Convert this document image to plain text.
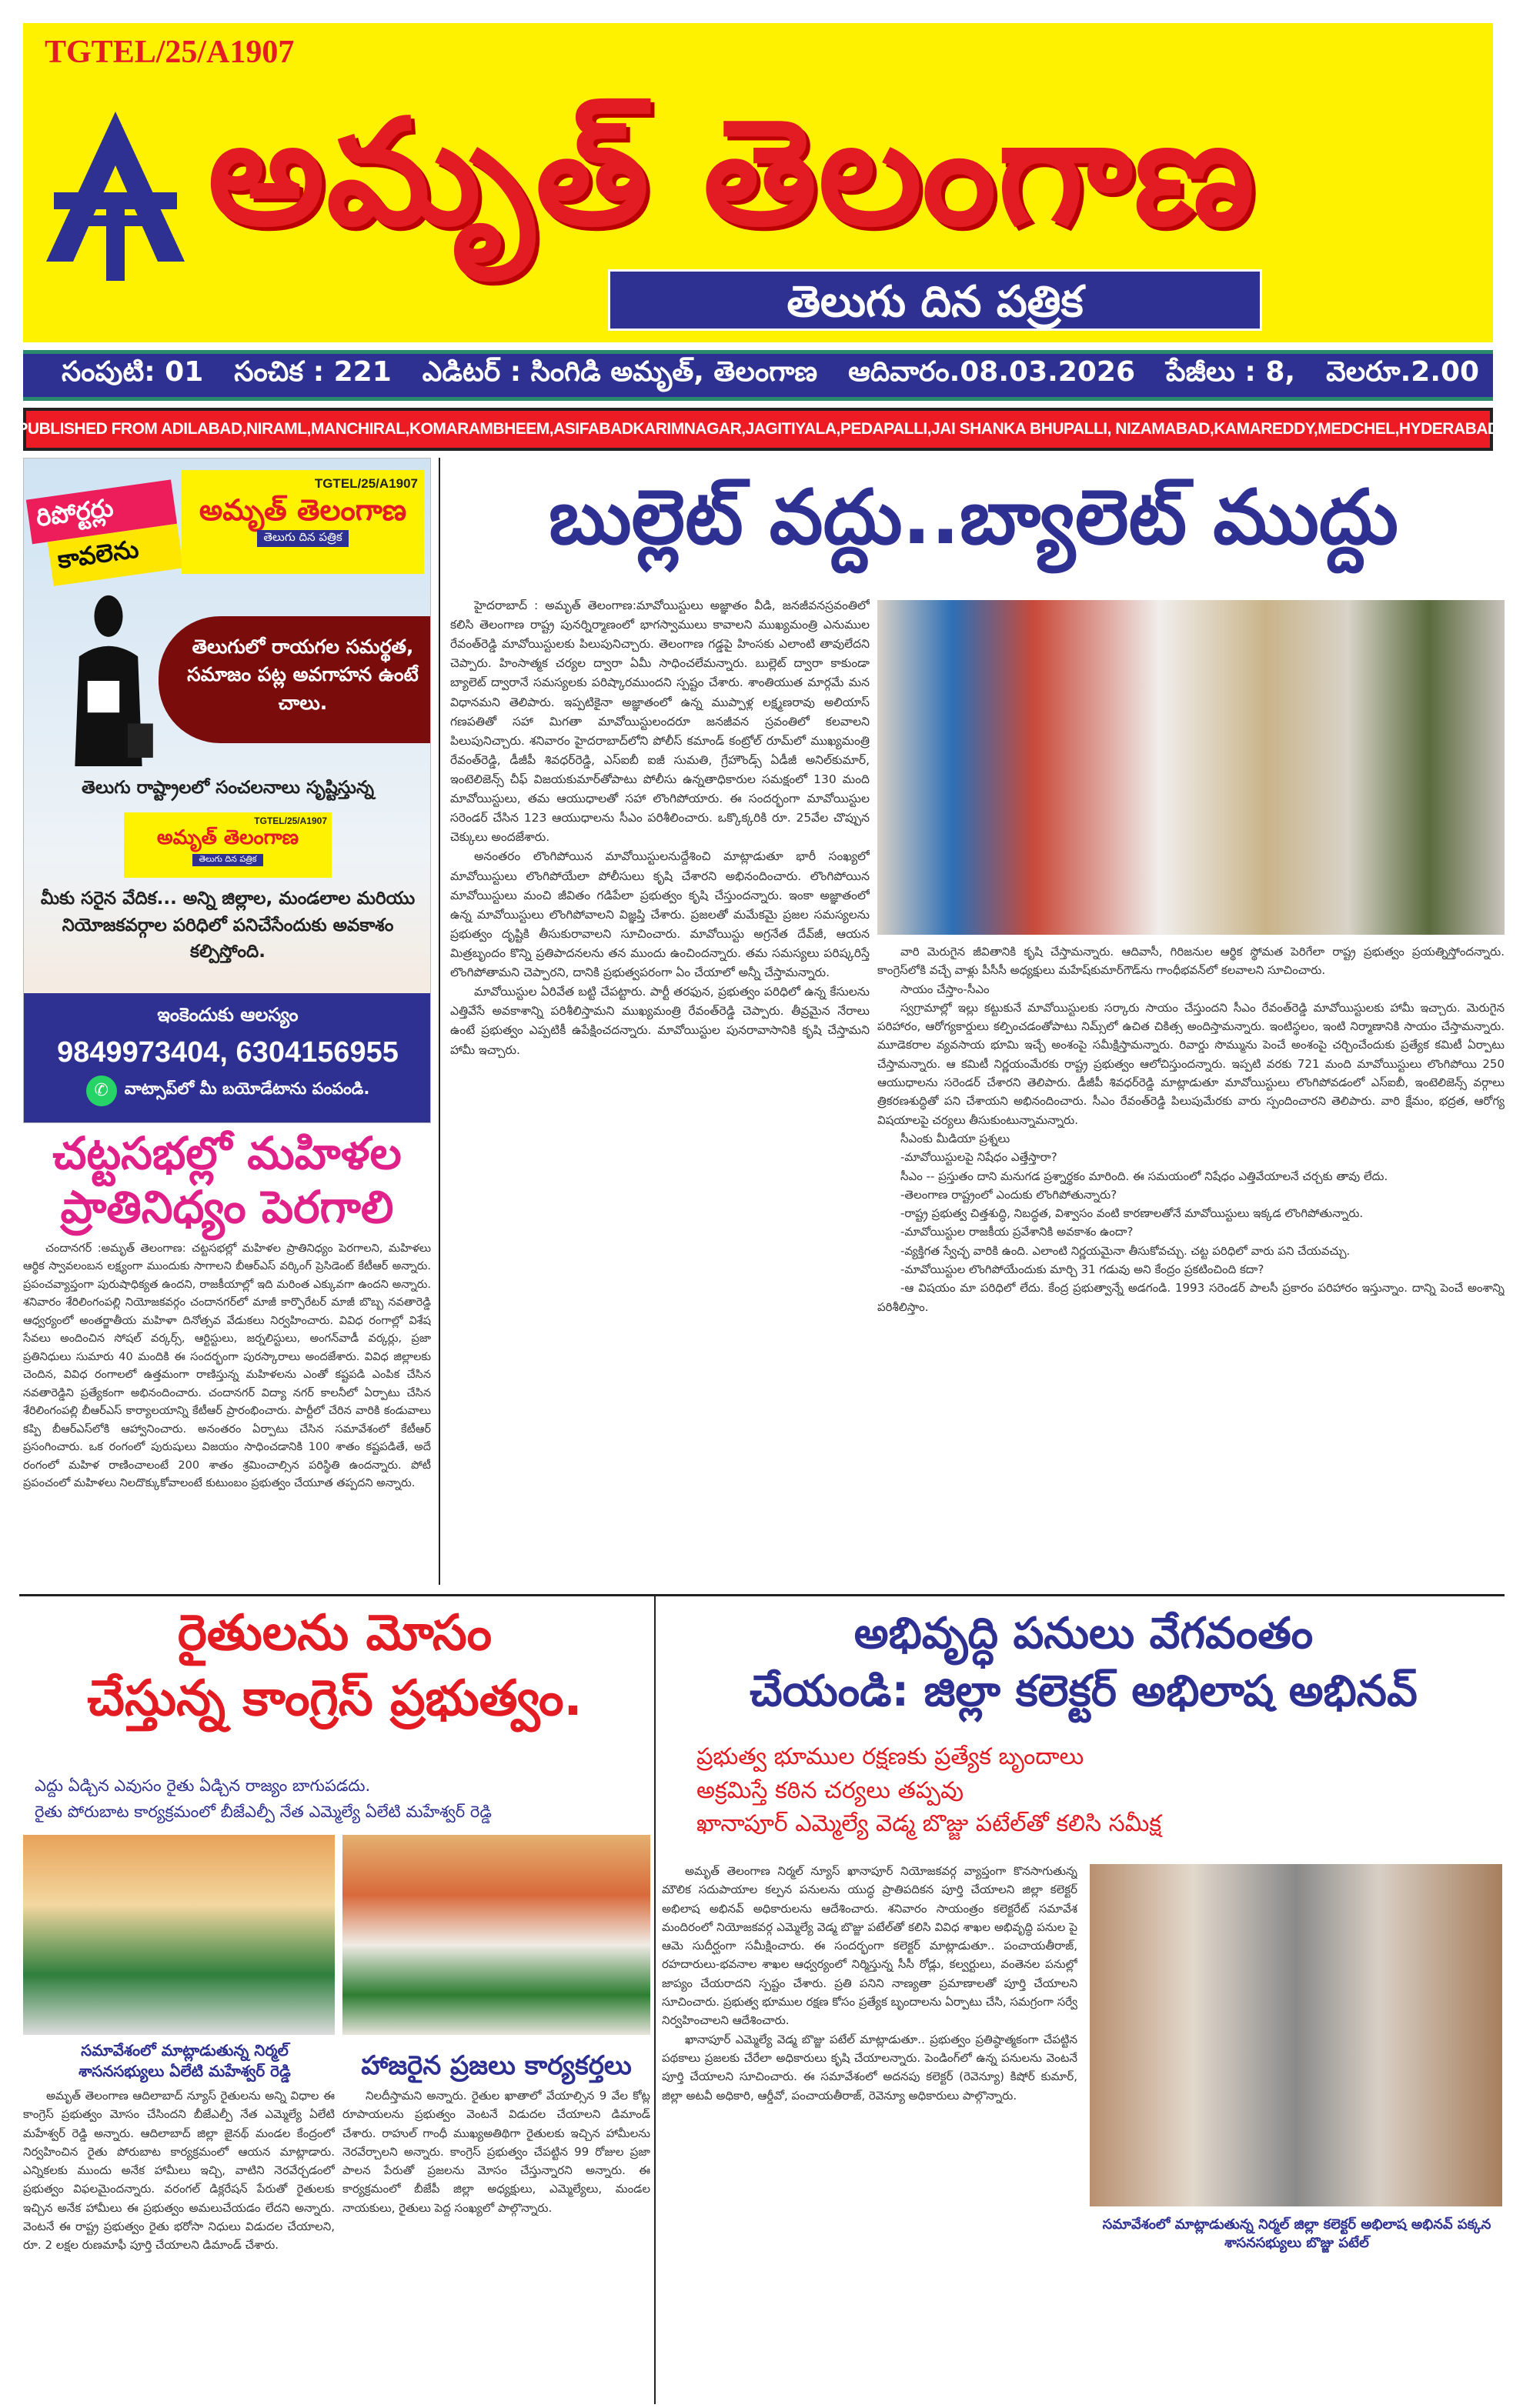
TGTEL/25/A1907
అమృత్ తెలంగాణ
తెలుగు దిన పత్రిక
సంపుటి: 01 సంచిక : 221 ఎడిటర్ : సింగిడి అమృత్, తెలంగాణ ఆదివారం.08.03.2026 పేజీలు : 8, వెలరూ.2.00
PUBLISHED FROM ADILABAD,NIRAML,MANCHIRAL,KOMARAMBHEEM,ASIFABADKARIMNAGAR,JAGITIYALA,PEDAPALLI,JAI SHANKA BHUPALLI, NIZAMABAD,KAMAREDDY,MEDCHEL,HYDERABAD
రిపోర్టర్లు
కావలెను
TGTEL/25/A1907
అమృత్ తెలంగాణ
తెలుగు దిన పత్రిక
తెలుగులో రాయగల సమర్థత, సమాజం పట్ల అవగాహన ఉంటే చాలు.
తెలుగు రాష్ట్రాలలో సంచలనాలు సృష్టిస్తున్న
TGTEL/25/A1907
అమృత్ తెలంగాణ
తెలుగు దిన పత్రిక
మీకు సరైన వేదిక... అన్ని జిల్లాల, మండలాల మరియు నియోజకవర్గాల పరిధిలో పనిచేసేందుకు అవకాశం కల్పిస్తోంది.
ఇంకెందుకు ఆలస్యం
9849973404, 6304156955
✆ వాట్సాప్‌లో మీ బయోడేటాను పంపండి.
చట్టసభల్లో మహిళల
ప్రాతినిధ్యం పెరగాలి

చందానగర్ :అమృత్ తెలంగాణ: చట్టసభల్లో మహిళల ప్రాతినిధ్యం పెరగాలని, మహిళలు ఆర్థిక స్వావలంబన లక్ష్యంగా ముందుకు సాగాలని బీఆర్ఎస్ వర్కింగ్ ప్రెసిడెంట్ కేటీఆర్ అన్నారు. ప్రపంచవ్యాప్తంగా పురుషాధిక్యత ఉందని, రాజకీయాల్లో ఇది మరింత ఎక్కువగా ఉందని అన్నారు. శనివారం శేరిలింగంపల్లి నియోజకవర్గం చందానగర్‌లో మాజీ కార్పొరేటర్ మాజీ బొబ్బ నవతారెడ్డి ఆధ్వర్యంలో అంతర్జాతీయ మహిళా దినోత్సవ వేడుకలు నిర్వహించారు. వివిధ రంగాల్లో విశేష సేవలు అందించిన సోషల్ వర్కర్స్, ఆర్టిస్టులు, జర్నలిస్టులు, అంగన్‌వాడీ వర్కర్లు, ప్రజా ప్రతినిధులు సుమారు 40 మందికి ఈ సందర్భంగా పురస్కారాలు అందజేశారు. వివిధ జిల్లాలకు చెందిన, వివిధ రంగాలలో ఉత్తమంగా రాణిస్తున్న మహిళలను ఎంతో కష్టపడి ఎంపిక చేసిన నవతారెడ్డిని ప్రత్యేకంగా అభినందించారు. చందానగర్ విద్యా నగర్ కాలనీలో ఏర్పాటు చేసిన శేరిలింగంపల్లి బీఆర్ఎస్ కార్యాలయాన్ని కేటీఆర్ ప్రారంభించారు. పార్టీలో చేరిన వారికి కండువాలు కప్పి బీఆర్ఎస్‌లోకి ఆహ్వానించారు. అనంతరం ఏర్పాటు చేసిన సమావేశంలో కేటీఆర్ ప్రసంగించారు. ఒక రంగంలో పురుషులు విజయం సాధించడానికి 100 శాతం కష్టపడితే, అదే రంగంలో మహిళ రాణించాలంటే 200 శాతం శ్రమించాల్సిన పరిస్థితి ఉందన్నారు. పోటీ ప్రపంచంలో మహిళలు నిలదొక్కుకోవాలంటే కుటుంబం ప్రభుత్వం చేయూత తప్పదని అన్నారు.

బుల్లెట్ వద్దు..బ్యాలెట్ ముద్దు

హైదరాబాద్ : అమృత్ తెలంగాణ:మావోయిస్టులు అజ్ఞాతం వీడి, జనజీవనస్రవంతిలో కలిసి తెలంగాణ రాష్ట్ర పునర్నిర్మాణంలో భాగస్వాములు కావాలని ముఖ్యమంత్రి ఎనుముల రేవంత్‌రెడ్డి మావోయిస్టులకు పిలుపునిచ్చారు. తెలంగాణ గడ్డపై హింసకు ఎలాంటి తావులేదని చెప్పారు. హింసాత్మక చర్యల ద్వారా ఏమీ సాధించలేమన్నారు. బుల్లెట్ ద్వారా కాకుండా బ్యాలెట్ ద్వారానే సమస్యలకు పరిష్కారముందని స్పష్టం చేశారు. శాంతియుత మార్గమే మన విధానమని తెలిపారు. ఇప్పటికైనా అజ్ఞాతంలో ఉన్న ముప్పాళ్ల లక్ష్మణరావు అలియాస్ గణపతితో సహా మిగతా మావోయిస్టులందరూ జనజీవన స్రవంతిలో కలవాలని పిలుపునిచ్చారు. శనివారం హైదరాబాద్‌లోని పోలీస్ కమాండ్ కంట్రోల్ రూమ్‌లో ముఖ్యమంత్రి రేవంత్‌రెడ్డి, డీజీపీ శివధర్‌రెడ్డి, ఎస్ఐబీ ఐజీ సుమతి, గ్రేహౌండ్స్ ఏడీజీ అనిల్‌కుమార్, ఇంటెలిజెన్స్ చీఫ్ విజయకుమార్‌తోపాటు పోలీసు ఉన్నతాధికారుల సమక్షంలో 130 మంది మావోయిస్టులు, తమ ఆయుధాలతో సహా లొంగిపోయారు. ఈ సందర్భంగా మావోయిస్టుల సరెండర్ చేసిన 123 ఆయుధాలను సీఎం పరిశీలించారు. ఒక్కొక్కరికి రూ. 25వేల చొప్పున చెక్కులు అందజేశారు.

అనంతరం లొంగిపోయిన మావోయిస్టులనుద్దేశించి మాట్లాడుతూ భారీ సంఖ్యలో మావోయిస్టులు లొంగిపోయేలా పోలీసులు కృషి చేశారని అభినందించారు. లొంగిపోయిన మావోయిస్టులు మంచి జీవితం గడిపేలా ప్రభుత్వం కృషి చేస్తుందన్నారు. ఇంకా అజ్ఞాతంలో ఉన్న మావోయిస్టులు లొంగిపోవాలని విజ్ఞప్తి చేశారు. ప్రజలతో మమేకమై ప్రజల సమస్యలను ప్రభుత్వం దృష్టికి తీసుకురావాలని సూచించారు. మావోయిస్టు అగ్రనేత దేవ్‌జీ, ఆయన మిత్రబృందం కొన్ని ప్రతిపాదనలను తన ముందు ఉంచిందన్నారు. తమ సమస్యలు పరిష్కరిస్తే లొంగిపోతామని చెప్పారని, దానికి ప్రభుత్వపరంగా ఏం చేయాలో అన్నీ చేస్తామన్నారు.

మావోయిస్టుల ఏరివేత బట్టి చేపట్టారు. పార్టీ తరఫున, ప్రభుత్వం పరిధిలో ఉన్న కేసులను ఎత్తివేసే అవకాశాన్ని పరిశీలిస్తామని ముఖ్యమంత్రి రేవంత్‌రెడ్డి చెప్పారు. తీవ్రమైన నేరాలు ఉంటే ప్రభుత్వం ఎప్పటికీ ఉపేక్షించదన్నారు. మావోయిస్టుల పునరావాసానికి కృషి చేస్తామని హామీ ఇచ్చారు.

వారి మెరుగైన జీవితానికి కృషి చేస్తామన్నారు. ఆదివాసీ, గిరిజనుల ఆర్థిక స్థోమత పెరిగేలా రాష్ట్ర ప్రభుత్వం ప్రయత్నిస్తోందన్నారు. కాంగ్రెస్‌లోకి వచ్చే వాళ్లు పీసీసీ అధ్యక్షులు మహేష్‌కుమార్‌గౌడ్‌ను గాంధీభవన్‌లో కలవాలని సూచించారు.

సాయం చేస్తాం-సీఎం

స్వగ్రామాల్లో ఇల్లు కట్టుకునే మావోయిస్టులకు సర్కారు సాయం చేస్తుందని సీఎం రేవంత్‌రెడ్డి మావోయిస్టులకు హామీ ఇచ్చారు. మెరుగైన పరిహారం, ఆరోగ్యకార్డులు కల్పించడంతోపాటు నిమ్స్‌లో ఉచిత చికిత్స అందిస్తామన్నారు. ఇంటిస్థలం, ఇంటి నిర్మాణానికి సాయం చేస్తామన్నారు. మూడెకరాల వ్యవసాయ భూమి ఇచ్చే అంశంపై సమీక్షిస్తామన్నారు. రివార్డు సొమ్మును పెంచే అంశంపై చర్చించేందుకు ప్రత్యేక కమిటీ ఏర్పాటు చేస్తామన్నారు. ఆ కమిటీ నిర్ణయంమేరకు రాష్ట్ర ప్రభుత్వం ఆలోచిస్తుందన్నారు. ఇప్పటి వరకు 721 మంది మావోయిస్టులు లొంగిపోయి 250 ఆయుధాలను సరెండర్ చేశారని తెలిపారు. డీజీపీ శివధర్‌రెడ్డి మాట్లాడుతూ మావోయిస్టులు లొంగిపోవడంలో ఎస్ఐబీ, ఇంటెలిజెన్స్ వర్గాలు త్రికరణశుద్ధితో పని చేశాయని అభినందించారు. సీఎం రేవంత్‌రెడ్డి పిలుపుమేరకు వారు స్పందించారని తెలిపారు. వారి క్షేమం, భద్రత, ఆరోగ్య విషయాలపై చర్యలు తీసుకుంటున్నామన్నారు.

సీఎంకు మీడియా ప్రశ్నలు

-మావోయిస్టులపై నిషేధం ఎత్తేస్తారా?

సీఎం -- ప్రస్తుతం దాని మనుగడ ప్రశ్నార్థకం మారింది. ఈ సమయంలో నిషేధం ఎత్తివేయాలనే చర్చకు తావు లేదు.

-తెలంగాణ రాష్ట్రంలో ఎందుకు లొంగిపోతున్నారు?

-రాష్ట్ర ప్రభుత్వ చిత్తశుద్ధి, నిబద్ధత, విశ్వాసం వంటి కారణాలతోనే మావోయిస్టులు ఇక్కడ లొంగిపోతున్నారు.

-మావోయిస్టుల రాజకీయ ప్రవేశానికి అవకాశం ఉందా?

-వ్యక్తిగత స్వేచ్ఛ వారికి ఉంది. ఎలాంటి నిర్ణయమైనా తీసుకోవచ్చు. చట్ట పరిధిలో వారు పని చేయవచ్చు.

-మావోయిస్టుల లొంగిపోయేందుకు మార్చి 31 గడువు అని కేంద్రం ప్రకటించింది కదా?

-ఆ విషయం మా పరిధిలో లేదు. కేంద్ర ప్రభుత్వాన్నే అడగండి. 1993 సరెండర్ పాలసీ ప్రకారం పరిహారం ఇస్తున్నాం. దాన్ని పెంచే అంశాన్ని పరిశీలిస్తాం.

రైతులను మోసం
చేస్తున్న కాంగ్రెస్ ప్రభుత్వం.
ఎద్దు ఏడ్చిన ఎవుసం రైతు ఏడ్చిన రాజ్యం బాగుపడదు.
రైతు పోరుబాట కార్యక్రమంలో బీజేఎల్పీ నేత ఎమ్మెల్యే ఏలేటి మహేశ్వర్ రెడ్డి
సమావేశంలో మాట్లాడుతున్న నిర్మల్ శాసనసభ్యులు ఏలేటి మహేశ్వర్ రెడ్డి	హాజరైన ప్రజలు కార్యకర్తలు

అమృత్ తెలంగాణ ఆదిలాబాద్ న్యూస్ రైతులను అన్ని విధాల ఈ కాంగ్రెస్ ప్రభుత్వం మోసం చేసిందని బీజేఎల్పీ నేత ఎమ్మెల్యే ఏలేటి మహేశ్వర్ రెడ్డి అన్నారు. ఆదిలాబాద్ జిల్లా జైనథ్ మండల కేంద్రంలో నిర్వహించిన రైతు పోరుబాట కార్యక్రమంలో ఆయన మాట్లాడారు. ఎన్నికలకు ముందు అనేక హామీలు ఇచ్చి, వాటిని నెరవేర్చడంలో ప్రభుత్వం విఫలమైందన్నారు. వరంగల్ డిక్లరేషన్ పేరుతో రైతులకు ఇచ్చిన అనేక హామీలు ఈ ప్రభుత్వం అమలుచేయడం లేదని అన్నారు. వెంటనే ఈ రాష్ట్ర ప్రభుత్వం రైతు భరోసా నిధులు విడుదల చేయాలని, రూ. 2 లక్షల రుణమాఫీ పూర్తి చేయాలని డిమాండ్ చేశారు.

నిలదీస్తామని అన్నారు. రైతుల ఖాతాలో వేయాల్సిన 9 వేల కోట్ల రూపాయలను ప్రభుత్వం వెంటనే విడుదల చేయాలని డిమాండ్ చేశారు. రాహుల్ గాంధీ ముఖ్యఅతిథిగా రైతులకు ఇచ్చిన హామీలను నెరవేర్చాలని అన్నారు. కాంగ్రెస్ ప్రభుత్వం చేపట్టిన 99 రోజుల ప్రజా పాలన పేరుతో ప్రజలను మోసం చేస్తున్నారని అన్నారు. ఈ కార్యక్రమంలో బీజేపీ జిల్లా అధ్యక్షులు, ఎమ్మెల్యేలు, మండల నాయకులు, రైతులు పెద్ద సంఖ్యలో పాల్గొన్నారు.

అభివృద్ధి పనులు వేగవంతం
చేయండి: జిల్లా కలెక్టర్ అభిలాష అభినవ్
ప్రభుత్వ భూముల రక్షణకు ప్రత్యేక బృందాలు
అక్రమిస్తే కఠిన చర్యలు తప్పవు
ఖానాపూర్ ఎమ్మెల్యే వెడ్మ బొజ్జు పటేల్‌తో కలిసి సమీక్ష

అమృత్ తెలంగాణ నిర్మల్ న్యూస్ ఖానాపూర్ నియోజకవర్గ వ్యాప్తంగా కొనసాగుతున్న మౌలిక సదుపాయాల కల్పన పనులను యుద్ధ ప్రాతిపదికన పూర్తి చేయాలని జిల్లా కలెక్టర్ అభిలాష అభినవ్ అధికారులను ఆదేశించారు. శనివారం సాయంత్రం కలెక్టరేట్ సమావేశ మందిరంలో నియోజకవర్గ ఎమ్మెల్యే వెడ్మ బొజ్జు పటేల్‌తో కలిసి వివిధ శాఖల అభివృద్ధి పనుల పై ఆమె సుదీర్ఘంగా సమీక్షించారు. ఈ సందర్భంగా కలెక్టర్ మాట్లాడుతూ.. పంచాయతీరాజ్, రహదారులు-భవనాల శాఖల ఆధ్వర్యంలో నిర్మిస్తున్న సీసీ రోడ్లు, కల్వర్టులు, వంతెనల పనుల్లో జాప్యం చేయరాదని స్పష్టం చేశారు. ప్రతి పనిని నాణ్యతా ప్రమాణాలతో పూర్తి చేయాలని సూచించారు. ప్రభుత్వ భూముల రక్షణ కోసం ప్రత్యేక బృందాలను ఏర్పాటు చేసి, సమగ్రంగా సర్వే నిర్వహించాలని ఆదేశించారు.

ఖానాపూర్ ఎమ్మెల్యే వెడ్మ బొజ్జు పటేల్ మాట్లాడుతూ.. ప్రభుత్వం ప్రతిష్ఠాత్మకంగా చేపట్టిన పథకాలు ప్రజలకు చేరేలా అధికారులు కృషి చేయాలన్నారు. పెండింగ్‌లో ఉన్న పనులను వెంటనే పూర్తి చేయాలని సూచించారు. ఈ సమావేశంలో అదనపు కలెక్టర్ (రెవెన్యూ) కిషోర్ కుమార్, జిల్లా అటవీ అధికారి, ఆర్డీవో, పంచాయతీరాజ్, రెవెన్యూ అధికారులు పాల్గొన్నారు.

సమావేశంలో మాట్లాడుతున్న నిర్మల్ జిల్లా కలెక్టర్ అభిలాష అభినవ్ పక్కన శాసనసభ్యులు బొజ్జు పటేల్
